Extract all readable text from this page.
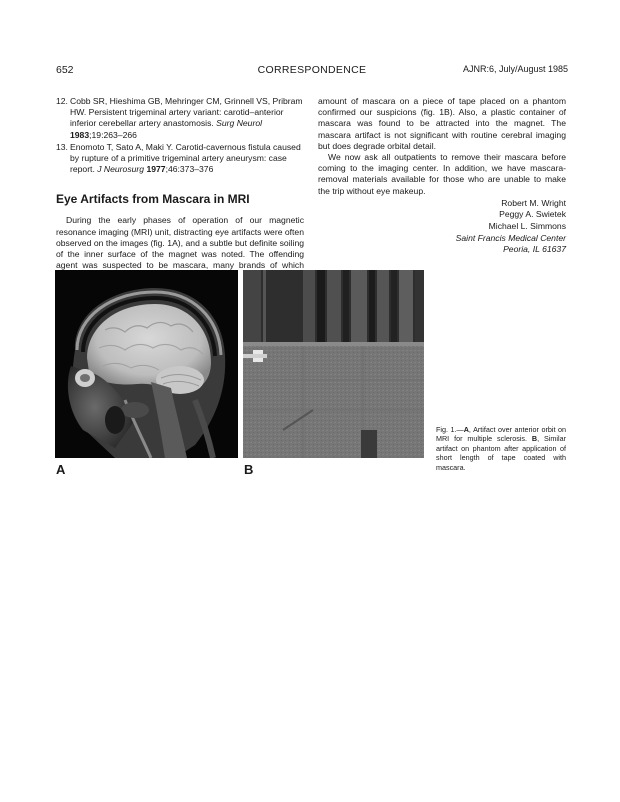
652	CORRESPONDENCE	AJNR:6, July/August 1985
12. Cobb SR, Hieshima GB, Mehringer CM, Grinnell VS, Pribram HW. Persistent trigeminal artery variant: carotid–anterior inferior cerebellar artery anastomosis. Surg Neurol 1983;19:263–266
13. Enomoto T, Sato A, Maki Y. Carotid-cavernous fistula caused by rupture of a primitive trigeminal artery aneurysm: case report. J Neurosurg 1977;46:373–376
Eye Artifacts from Mascara in MRI
During the early phases of operation of our magnetic resonance imaging (MRI) unit, distracting eye artifacts were often observed on the images (fig. 1A), and a subtle but definite soiling of the inner surface of the magnet was noted. The offending agent was suspected to be mascara, many brands of which
amount of mascara on a piece of tape placed on a phantom confirmed our suspicions (fig. 1B). Also, a plastic container of mascara was found to be attracted into the magnet. The mascara artifact is not significant with routine cerebral imaging but does degrade orbital detail.
We now ask all outpatients to remove their mascara before coming to the imaging center. In addition, we have mascara-removal materials available for those who are unable to make the trip without eye makeup.
Robert M. Wright
Peggy A. Swietek
Michael L. Simmons
Saint Francis Medical Center
Peoria, IL 61637
A	B
Fig. 1.—A, Artifact over anterior orbit on MRI for multiple sclerosis. B, Similar artifact on phantom after application of short length of tape coated with mascara.
